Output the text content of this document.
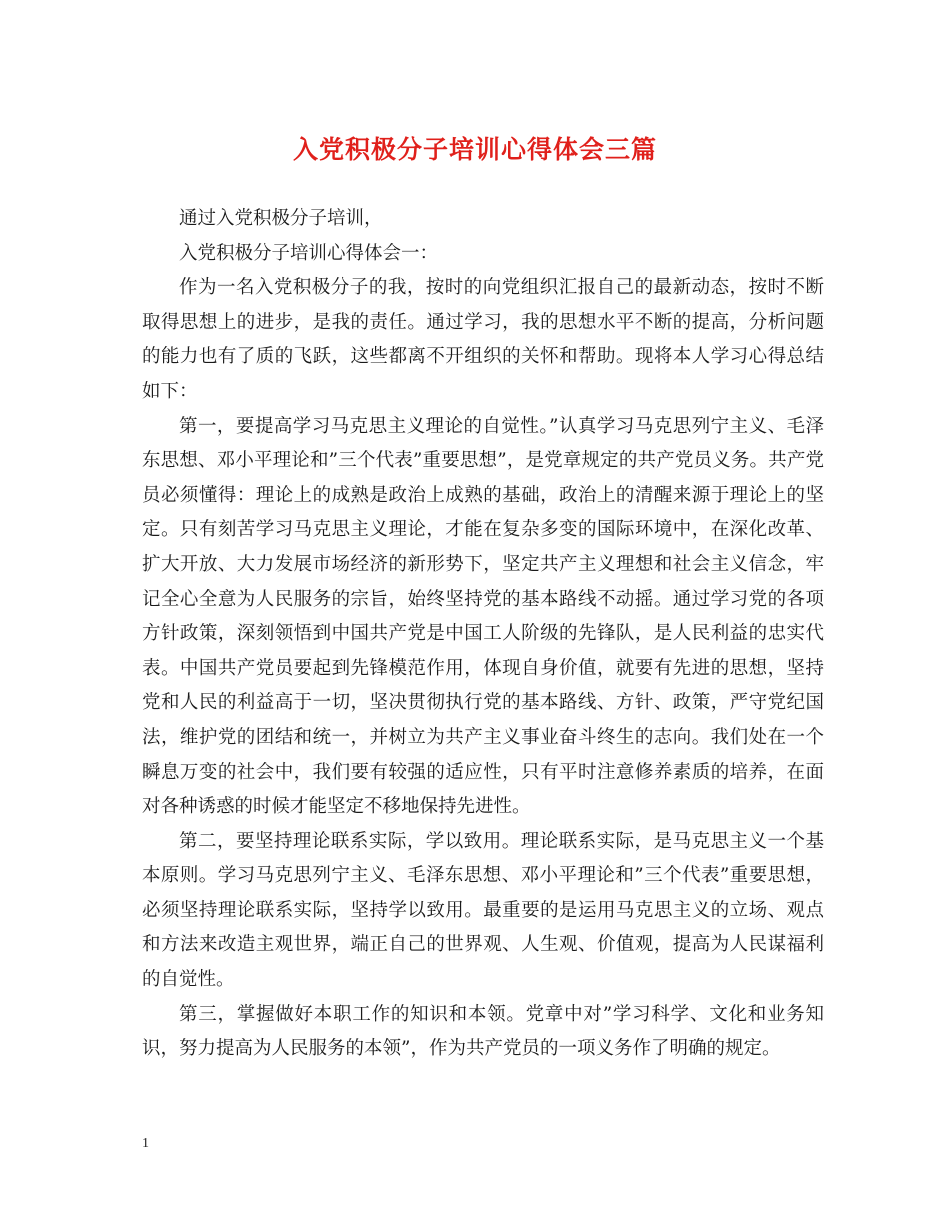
入党积极分子培训心得体会三篇

通过入党积极分子培训，

入党积极分子培训心得体会一：

作为一名入党积极分子的我，按时的向党组织汇报自己的最新动态，按时不断取得思想上的进步，是我的责任。通过学习，我的思想水平不断的提高，分析问题的能力也有了质的飞跃，这些都离不开组织的关怀和帮助。现将本人学习心得总结如下：

第一，要提高学习马克思主义理论的自觉性。”认真学习马克思列宁主义、毛泽东思想、邓小平理论和”三个代表”重要思想”，是党章规定的共产党员义务。共产党员必须懂得：理论上的成熟是政治上成熟的基础，政治上的清醒来源于理论上的坚定。只有刻苦学习马克思主义理论，才能在复杂多变的国际环境中，在深化改革、扩大开放、大力发展市场经济的新形势下，坚定共产主义理想和社会主义信念，牢记全心全意为人民服务的宗旨，始终坚持党的基本路线不动摇。通过学习党的各项方针政策，深刻领悟到中国共产党是中国工人阶级的先锋队，是人民利益的忠实代表。中国共产党员要起到先锋模范作用，体现自身价值，就要有先进的思想，坚持党和人民的利益高于一切，坚决贯彻执行党的基本路线、方针、政策，严守党纪国法，维护党的团结和统一，并树立为共产主义事业奋斗终生的志向。我们处在一个瞬息万变的社会中，我们要有较强的适应性，只有平时注意修养素质的培养，在面对各种诱惑的时候才能坚定不移地保持先进性。

第二，要坚持理论联系实际，学以致用。理论联系实际，是马克思主义一个基本原则。学习马克思列宁主义、毛泽东思想、邓小平理论和”三个代表”重要思想，必须坚持理论联系实际，坚持学以致用。最重要的是运用马克思主义的立场、观点和方法来改造主观世界，端正自己的世界观、人生观、价值观，提高为人民谋福利的自觉性。

第三，掌握做好本职工作的知识和本领。党章中对”学习科学、文化和业务知识，努力提高为人民服务的本领”，作为共产党员的一项义务作了明确的规定。

1
